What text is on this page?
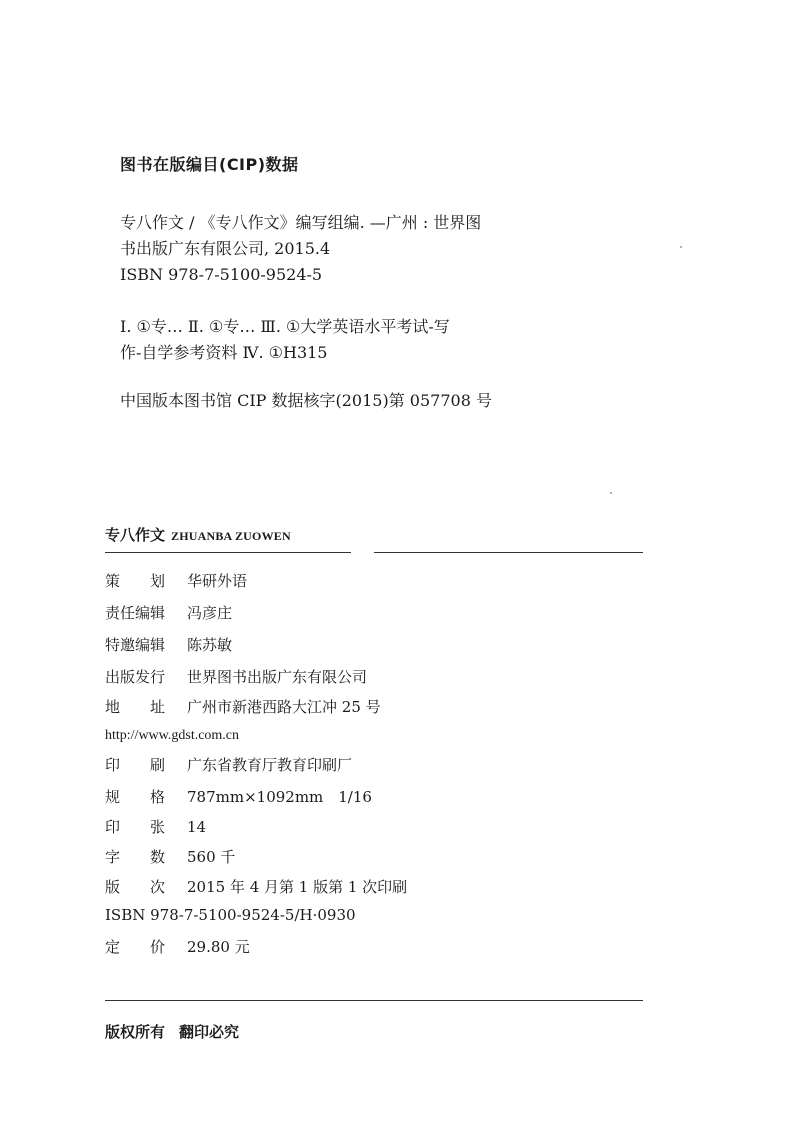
图书在版编目(CIP)数据
专八作文 / 《专八作文》编写组编. —广州 : 世界图
书出版广东有限公司, 2015.4
ISBN 978-7-5100-9524-5
Ⅰ. ①专… Ⅱ. ①专… Ⅲ. ①大学英语水平考试-写
作-自学参考资料 Ⅳ. ①H315
中国版本图书馆 CIP 数据核字(2015)第 057708 号
专八作文 ZHUANBA ZUOWEN
策　　划 华研外语
责任编辑 冯彦庄
特邀编辑 陈苏敏
出版发行 世界图书出版广东有限公司
地　　址 广州市新港西路大江冲 25 号
http://www.gdst.com.cn
印　　刷 广东省教育厅教育印刷厂
规　　格 787mm×1092mm　1/16
印　　张 14
字　　数 560 千
版　　次 2015 年 4 月第 1 版第 1 次印刷
ISBN 978-7-5100-9524-5/H·0930
定　　价 29.80 元
版权所有 翻印必究
